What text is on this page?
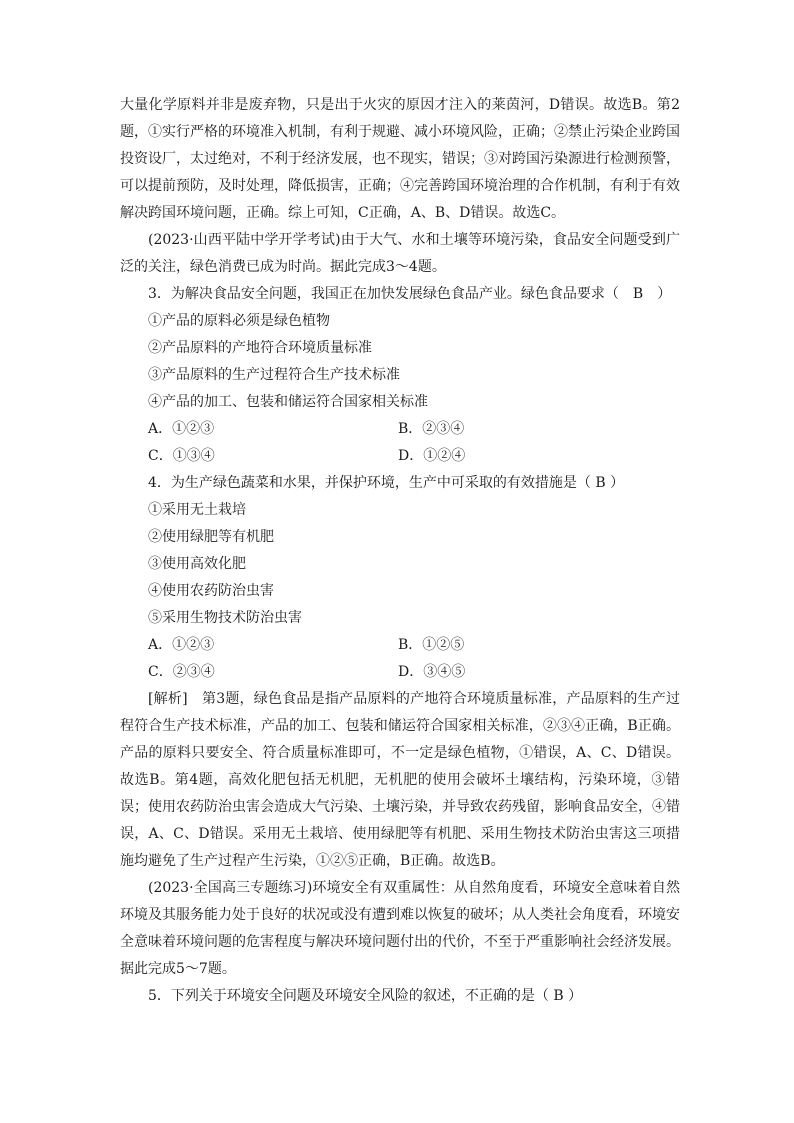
大量化学原料并非是废弃物，只是出于火灾的原因才注入的莱茵河，D错误。故选B。第2题，①实行严格的环境准入机制，有利于规避、减小环境风险，正确；②禁止污染企业跨国投资设厂，太过绝对，不利于经济发展，也不现实，错误；③对跨国污染源进行检测预警，可以提前预防，及时处理，降低损害，正确；④完善跨国环境治理的合作机制，有利于有效解决跨国环境问题，正确。综上可知，C正确，A、B、D错误。故选C。

(2023·山西平陆中学开学考试)由于大气、水和土壤等环境污染，食品安全问题受到广泛的关注，绿色消费已成为时尚。据此完成3～4题。

3．为解决食品安全问题，我国正在加快发展绿色食品产业。绿色食品要求（　B　）

①产品的原料必须是绿色植物

②产品原料的产地符合环境质量标准

③产品原料的生产过程符合生产技术标准

④产品的加工、包装和储运符合国家相关标准

A．①②③	B．②③④
C．①③④	D．①②④

4．为生产绿色蔬菜和水果，并保护环境，生产中可采取的有效措施是（ B ）

①采用无土栽培

②使用绿肥等有机肥

③使用高效化肥

④使用农药防治虫害

⑤采用生物技术防治虫害

A．①②③	B．①②⑤
C．②③④	D．③④⑤

[解析]　第3题，绿色食品是指产品原料的产地符合环境质量标准，产品原料的生产过程符合生产技术标准，产品的加工、包装和储运符合国家相关标准，②③④正确，B正确。产品的原料只要安全、符合质量标准即可，不一定是绿色植物，①错误，A、C、D错误。故选B。第4题，高效化肥包括无机肥，无机肥的使用会破坏土壤结构，污染环境，③错误；使用农药防治虫害会造成大气污染、土壤污染，并导致农药残留，影响食品安全，④错误，A、C、D错误。采用无土栽培、使用绿肥等有机肥、采用生物技术防治虫害这三项措施均避免了生产过程产生污染，①②⑤正确，B正确。故选B。

(2023·全国高三专题练习)环境安全有双重属性：从自然角度看，环境安全意味着自然环境及其服务能力处于良好的状况或没有遭到难以恢复的破坏；从人类社会角度看，环境安全意味着环境问题的危害程度与解决环境问题付出的代价，不至于严重影响社会经济发展。据此完成5～7题。

5．下列关于环境安全问题及环境安全风险的叙述，不正确的是（ B ）
